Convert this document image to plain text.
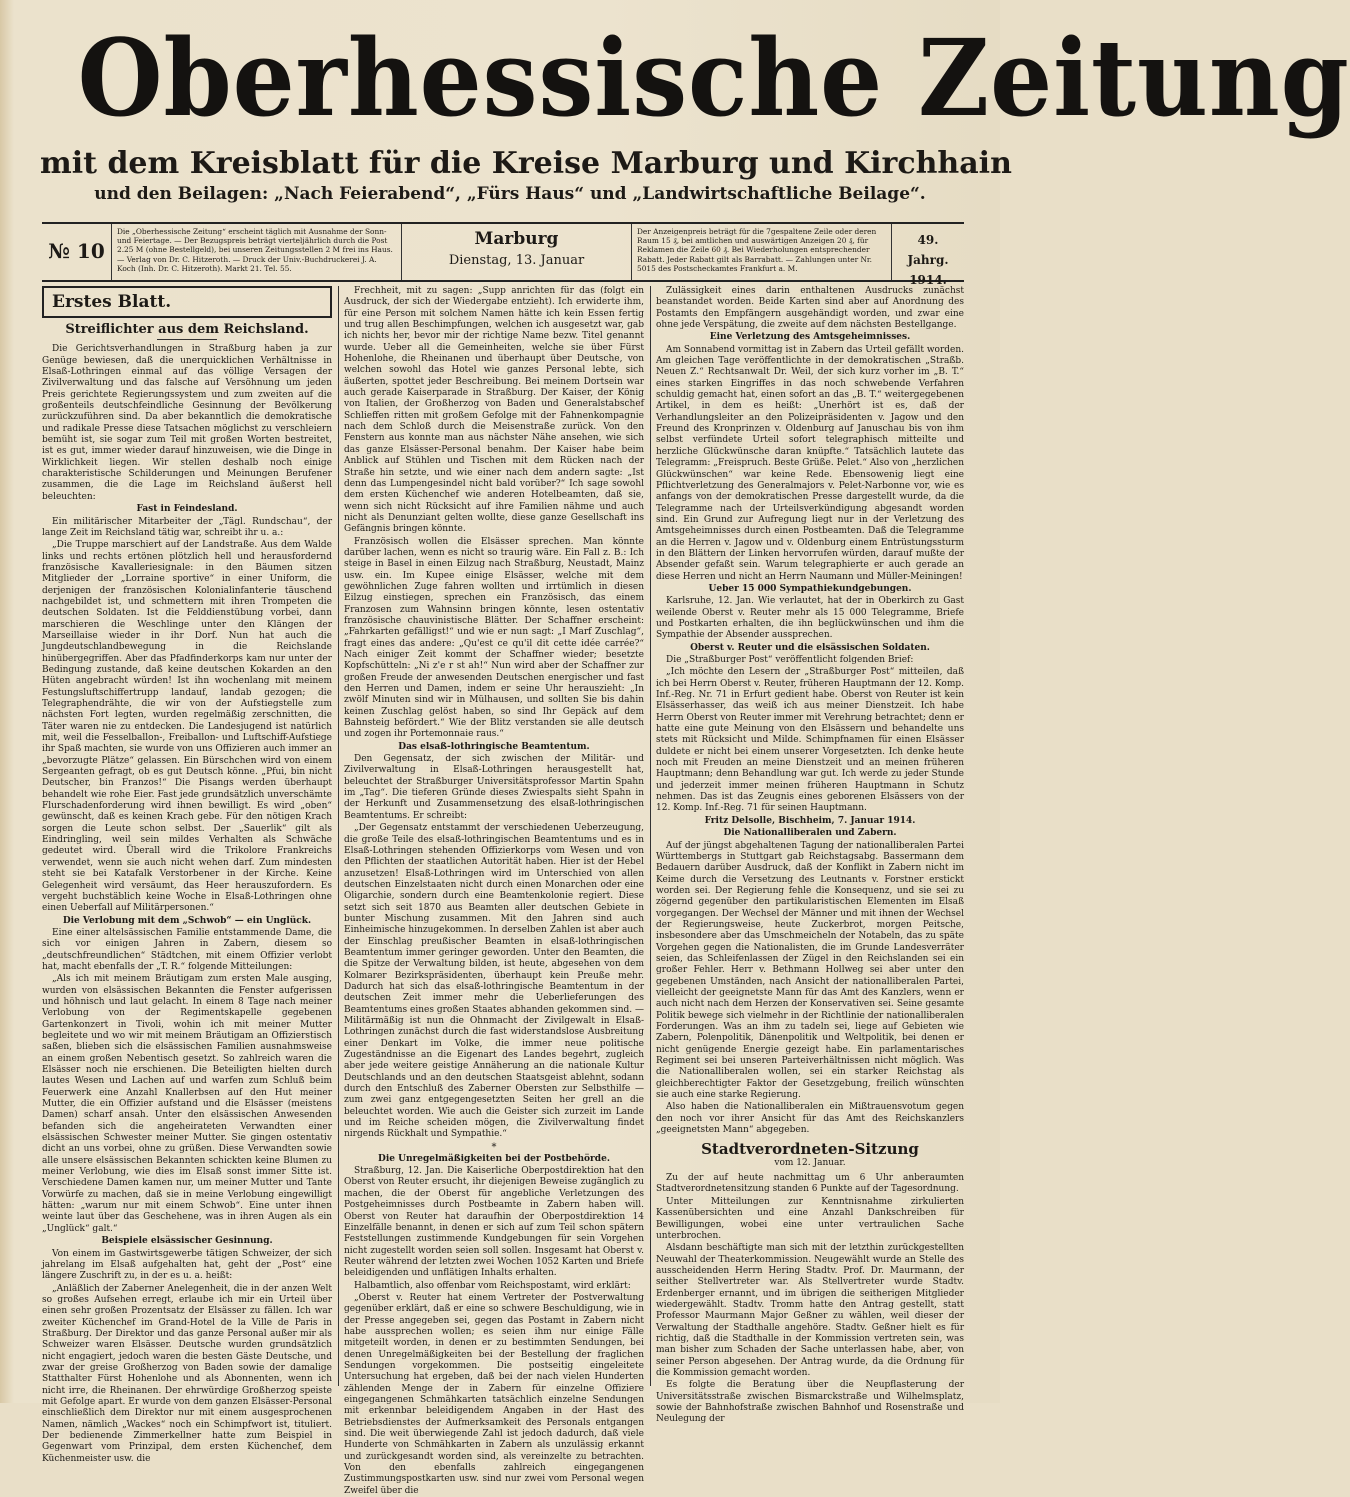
Oberhessische Zeitung
mit dem Kreisblatt für die Kreise Marburg und Kirchhain
und den Beilagen: „Nach Feierabend“, „Fürs Haus“ und „Landwirtschaftliche Beilage“.
№ 10
Die „Oberhessische Zeitung“ erscheint täglich mit Ausnahme der Sonn- und Feiertage. — Der Bezugspreis beträgt vierteljährlich durch die Post 2.25 M (ohne Bestellgeld), bei unseren Zeitungsstellen 2 M frei ins Haus. — Verlag von Dr. C. Hitzeroth. — Druck der Univ.-Buchdruckerei J. A. Koch (Inh. Dr. C. Hitzeroth). Markt 21. Tel. 55.
Marburg
Dienstag, 13. Januar
Der Anzeigenpreis beträgt für die 7gespaltene Zeile oder deren Raum 15 ₰, bei amtlichen und auswärtigen Anzeigen 20 ₰, für Reklamen die Zeile 60 ₰. Bei Wiederholungen entsprechender Rabatt. Jeder Rabatt gilt als Barrabatt. — Zahlungen unter Nr. 5015 des Postscheckamtes Frankfurt a. M.
49. Jahrg.
1914.
Erstes Blatt.
Streiflichter aus dem Reichsland.

Die Gerichtsverhandlungen in Straßburg haben ja zur Genüge bewiesen, daß die unerquicklichen Verhältnisse in Elsaß-Lothringen einmal auf das völlige Versagen der Zivilverwaltung und das falsche auf Versöhnung um jeden Preis gerichtete Regierungssystem und zum zweiten auf die großenteils deutschfeindliche Gesinnung der Bevölkerung zurückzuführen sind. Da aber bekanntlich die demokratische und radikale Presse diese Tatsachen möglichst zu verschleiern bemüht ist, sie sogar zum Teil mit großen Worten bestreitet, ist es gut, immer wieder darauf hinzuweisen, wie die Dinge in Wirklichkeit liegen. Wir stellen deshalb noch einige charakteristische Schilderungen und Meinungen Berufener zusammen, die die Lage im Reichsland äußerst hell beleuchten:

Fast in Feindesland.

Ein militärischer Mitarbeiter der „Tägl. Rundschau“, der lange Zeit im Reichsland tätig war, schreibt ihr u. a.:

„Die Truppe marschiert auf der Landstraße. Aus dem Walde links und rechts ertönen plötzlich hell und herausfordernd französische Kavalleriesignale: in den Bäumen sitzen Mitglieder der „Lorraine sportive“ in einer Uniform, die derjenigen der französischen Kolonialinfanterie täuschend nachgebildet ist, und schmettern mit ihren Trompeten die deutschen Soldaten. Ist die Felddienstübung vorbei, dann marschieren die Weschlinge unter den Klängen der Marseillaise wieder in ihr Dorf. Nun hat auch die Jungdeutschlandbewegung in die Reichslande hinübergegriffen. Aber das Pfadfinderkorps kam nur unter der Bedingung zustande, daß keine deutschen Kokarden an den Hüten angebracht würden! Ist ihn wochenlang mit meinem Festungsluftschiffertrupp landauf, landab gezogen; die Telegraphendrähte, die wir von der Aufstiegstelle zum nächsten Fort legten, wurden regelmäßig zerschnitten, die Täter waren nie zu entdecken. Die Landesjugend ist natürlich mit, weil die Fesselballon-, Freiballon- und Luftschiff-Aufstiege ihr Spaß machten, sie wurde von uns Offizieren auch immer an „bevorzugte Plätze“ gelassen. Ein Bürschchen wird von einem Sergeanten gefragt, ob es gut Deutsch könne. „Pfui, bin nicht Deutscher, bin Franzos!“ Die Pisangs werden überhaupt behandelt wie rohe Eier. Fast jede grundsätzlich unverschämte Flurschadenforderung wird ihnen bewilligt. Es wird „oben“ gewünscht, daß es keinen Krach gebe. Für den nötigen Krach sorgen die Leute schon selbst. Der „Sauerlik“ gilt als Eindringling, weil sein mildes Verhalten als Schwäche gedeutet wird. Überall wird die Trikolore Frankreichs verwendet, wenn sie auch nicht wehen darf. Zum mindesten steht sie bei Katafalk Verstorbener in der Kirche. Keine Gelegenheit wird versäumt, das Heer herauszufordern. Es vergeht buchstäblich keine Woche in Elsaß-Lothringen ohne einen Ueberfall auf Militärpersonen.“

Die Verlobung mit dem „Schwob“ — ein Unglück.

Eine einer altelsässischen Familie entstammende Dame, die sich vor einigen Jahren in Zabern, diesem so „deutschfreundlichen“ Städtchen, mit einem Offizier verlobt hat, macht ebenfalls der „T. R.“ folgende Mitteilungen:

„Als ich mit meinem Bräutigam zum ersten Male ausging, wurden von elsässischen Bekannten die Fenster aufgerissen und höhnisch und laut gelacht. In einem 8 Tage nach meiner Verlobung von der Regimentskapelle gegebenen Gartenkonzert in Tivoli, wohin ich mit meiner Mutter begleitete und wo wir mit meinem Bräutigam an Offizierstisch saßen, blieben sich die elsässischen Familien ausnahmsweise an einem großen Nebentisch gesetzt. So zahlreich waren die Elsässer noch nie erschienen. Die Beteiligten hielten durch lautes Wesen und Lachen auf und warfen zum Schluß beim Feuerwerk eine Anzahl Knallerbsen auf den Hut meiner Mutter, die ein Offizier aufstand und die Elsässer (meistens Damen) scharf ansah. Unter den elsässischen Anwesenden befanden sich die angeheirateten Verwandten einer elsässischen Schwester meiner Mutter. Sie gingen ostentativ dicht an uns vorbei, ohne zu grüßen. Diese Verwandten sowie alle unsere elsässischen Bekannten schickten keine Blumen zu meiner Verlobung, wie dies im Elsaß sonst immer Sitte ist. Verschiedene Damen kamen nur, um meiner Mutter und Tante Vorwürfe zu machen, daß sie in meine Verlobung eingewilligt hätten: „warum nur mit einem Schwob“. Eine unter ihnen weinte laut über das Geschehene, was in ihren Augen als ein „Unglück“ galt.“

Beispiele elsässischer Gesinnung.

Von einem im Gastwirtsgewerbe tätigen Schweizer, der sich jahrelang im Elsaß aufgehalten hat, geht der „Post“ eine längere Zuschrift zu, in der es u. a. heißt:

„Anläßlich der Zaberner Anelegenheit, die in der anzen Welt so großes Aufsehen erregt, erlaube ich mir ein Urteil über einen sehr großen Prozentsatz der Elsässer zu fällen. Ich war zweiter Küchenchef im Grand-Hotel de la Ville de Paris in Straßburg. Der Direktor und das ganze Personal außer mir als Schweizer waren Elsässer. Deutsche wurden grundsätzlich nicht engagiert, jedoch waren die besten Gäste Deutsche, und zwar der greise Großherzog von Baden sowie der damalige Statthalter Fürst Hohenlohe und als Abonnenten, wenn ich nicht irre, die Rheinanen. Der ehrwürdige Großherzog speiste mit Gefolge apart. Er wurde von dem ganzen Elsässer-Personal einschließlich dem Direktor nur mit einem ausgesprochenen Namen, nämlich „Wackes“ noch ein Schimpfwort ist, tituliert. Der bedienende Zimmerkellner hatte zum Beispiel in Gegenwart vom Prinzipal, dem ersten Küchenchef, dem Küchenmeister usw. die

Frechheit, mit zu sagen: „Supp anrichten für das (folgt ein Ausdruck, der sich der Wiedergabe entzieht). Ich erwiderte ihm, für eine Person mit solchem Namen hätte ich kein Essen fertig und trug allen Beschimpfungen, welchen ich ausgesetzt war, gab ich nichts her, bevor mir der richtige Name bezw. Titel genannt wurde. Ueber all die Gemeinheiten, welche sie über Fürst Hohenlohe, die Rheinanen und überhaupt über Deutsche, von welchen sowohl das Hotel wie ganzes Personal lebte, sich äußerten, spottet jeder Beschreibung. Bei meinem Dortsein war auch gerade Kaiserparade in Straßburg. Der Kaiser, der König von Italien, der Großherzog von Baden und Generalstabschef Schlieffen ritten mit großem Gefolge mit der Fahnenkompagnie nach dem Schloß durch die Meisenstraße zurück. Von den Fenstern aus konnte man aus nächster Nähe ansehen, wie sich das ganze Elsässer-Personal benahm. Der Kaiser habe beim Anblick auf Stühlen und Tischen mit dem Rücken nach der Straße hin setzte, und wie einer nach dem andern sagte: „Ist denn das Lumpengesindel nicht bald vorüber?“ Ich sage sowohl dem ersten Küchenchef wie anderen Hotelbeamten, daß sie, wenn sich nicht Rücksicht auf ihre Familien nähme und auch nicht als Denunziant gelten wollte, diese ganze Gesellschaft ins Gefängnis bringen könnte.

Französisch wollen die Elsässer sprechen. Man könnte darüber lachen, wenn es nicht so traurig wäre. Ein Fall z. B.: Ich steige in Basel in einen Eilzug nach Straßburg, Neustadt, Mainz usw. ein. Im Kupee einige Elsässer, welche mit dem gewöhnlichen Zuge fahren wollten und irrtümlich in diesen Eilzug einstiegen, sprechen ein Französisch, das einem Franzosen zum Wahnsinn bringen könnte, lesen ostentativ französische chauvinistische Blätter. Der Schaffner erscheint: „Fahrkarten gefälligst!“ und wie er nun sagt: „I Marf Zuschlag“, fragt eines das andere: „Qu'est ce qu'il dit cette idée carrée?“ Nach einiger Zeit kommt der Schaffner wieder; besetzte Kopfschütteln: „Ni z'e r st ah!“ Nun wird aber der Schaffner zur großen Freude der anwesenden Deutschen energischer und fast den Herren und Damen, indem er seine Uhr herauszieht: „In zwölf Minuten sind wir in Mülhausen, und sollten Sie bis dahin keinen Zuschlag gelöst haben, so sind Ihr Gepäck auf dem Bahnsteig befördert.“ Wie der Blitz verstanden sie alle deutsch und zogen ihr Portemonnaie raus.“

Das elsaß-lothringische Beamtentum.

Den Gegensatz, der sich zwischen der Militär- und Zivilverwaltung in Elsaß-Lothringen herausgestellt hat, beleuchtet der Straßburger Universitätsprofessor Martin Spahn im „Tag“. Die tieferen Gründe dieses Zwiespalts sieht Spahn in der Herkunft und Zusammensetzung des elsaß-lothringischen Beamtentums. Er schreibt:

„Der Gegensatz entstammt der verschiedenen Ueberzeugung, die große Teile des elsaß-lothringischen Beamtentums und es in Elsaß-Lothringen stehenden Offizierkorps vom Wesen und von den Pflichten der staatlichen Autorität haben. Hier ist der Hebel anzusetzen! Elsaß-Lothringen wird im Unterschied von allen deutschen Einzelstaaten nicht durch einen Monarchen oder eine Oligarchie, sondern durch eine Beamtenkolonie regiert. Diese setzt sich seit 1870 aus Beamten aller deutschen Gebiete in bunter Mischung zusammen. Mit den Jahren sind auch Einheimische hinzugekommen. In derselben Zahlen ist aber auch der Einschlag preußischer Beamten in elsaß-lothringischen Beamtentum immer geringer geworden. Unter den Beamten, die die Spitze der Verwaltung bilden, ist heute, abgesehen von dem Kolmarer Bezirkspräsidenten, überhaupt kein Preuße mehr. Dadurch hat sich das elsaß-lothringische Beamtentum in der deutschen Zeit immer mehr die Ueberlieferungen des Beamtentums eines großen Staates abhanden gekommen sind. — Militärmäßig ist nun die Ohnmacht der Zivilgewalt in Elsaß-Lothringen zunächst durch die fast widerstandslose Ausbreitung einer Denkart im Volke, die immer neue politische Zugeständnisse an die Eigenart des Landes begehrt, zugleich aber jede weitere geistige Annäherung an die nationale Kultur Deutschlands und an den deutschen Staatsgeist ablehnt, sodann durch den Entschluß des Zaberner Obersten zur Selbsthilfe — zum zwei ganz entgegengesetzten Seiten her grell an die beleuchtet worden. Wie auch die Geister sich zurzeit im Lande und im Reiche scheiden mögen, die Zivilverwaltung findet nirgends Rückhalt und Sympathie.“

*

Die Unregelmäßigkeiten bei der Postbehörde.

Straßburg, 12. Jan. Die Kaiserliche Oberpostdirektion hat den Oberst von Reuter ersucht, ihr diejenigen Beweise zugänglich zu machen, die der Oberst für angebliche Verletzungen des Postgeheimnisses durch Postbeamte in Zabern haben will. Oberst von Reuter hat daraufhin der Oberpostdirektion 14 Einzelfälle benannt, in denen er sich auf zum Teil schon spätern Feststellungen zustimmende Kundgebungen für sein Vorgehen nicht zugestellt worden seien soll sollen. Insgesamt hat Oberst v. Reuter während der letzten zwei Wochen 1052 Karten und Briefe beleidigenden und unflätigen Inhalts erhalten.

Halbamtlich, also offenbar vom Reichspostamt, wird erklärt:

„Oberst v. Reuter hat einem Vertreter der Postverwaltung gegenüber erklärt, daß er eine so schwere Beschuldigung, wie in der Presse angegeben sei, gegen das Postamt in Zabern nicht habe aussprechen wollen; es seien ihm nur einige Fälle mitgeteilt worden, in denen er zu bestimmten Sendungen, bei denen Unregelmäßigkeiten bei der Bestellung der fraglichen Sendungen vorgekommen. Die postseitig eingeleitete Untersuchung hat ergeben, daß bei der nach vielen Hunderten zählenden Menge der in Zabern für einzelne Offiziere eingegangenen Schmähkarten tatsächlich einzelne Sendungen mit erkennbar beleidigendem Angaben in der Hast des Betriebsdienstes der Aufmerksamkeit des Personals entgangen sind. Die weit überwiegende Zahl ist jedoch dadurch, daß viele Hunderte von Schmähkarten in Zabern als unzulässig erkannt und zurückgesandt worden sind, als vereinzelte zu betrachten. Von den ebenfalls zahlreich eingegangenen Zustimmungspostkarten usw. sind nur zwei vom Personal wegen Zweifel über die

Zulässigkeit eines darin enthaltenen Ausdrucks zunächst beanstandet worden. Beide Karten sind aber auf Anordnung des Postamts den Empfängern ausgehändigt worden, und zwar eine ohne jede Verspätung, die zweite auf dem nächsten Bestellgange.

Eine Verletzung des Amtsgeheimnisses.

Am Sonnabend vormittag ist in Zabern das Urteil gefällt worden. Am gleichen Tage veröffentlichte in der demokratischen „Straßb. Neuen Z.“ Rechtsanwalt Dr. Weil, der sich kurz vorher im „B. T.“ eines starken Eingriffes in das noch schwebende Verfahren schuldig gemacht hat, einen sofort an das „B. T.“ weitergegebenen Artikel, in dem es heißt: „Unerhört ist es, daß der Verhandlungsleiter an den Polizeipräsidenten v. Jagow und den Freund des Kronprinzen v. Oldenburg auf Januschau bis von ihm selbst verfündete Urteil sofort telegraphisch mitteilte und herzliche Glückwünsche daran knüpfte.“ Tatsächlich lautete das Telegramm: „Freispruch. Beste Grüße. Pelet.“ Also von „herzlichen Glückwünschen“ war keine Rede. Ebensowenig liegt eine Pflichtverletzung des Generalmajors v. Pelet-Narbonne vor, wie es anfangs von der demokratischen Presse dargestellt wurde, da die Telegramme nach der Urteilsverkündigung abgesandt worden sind. Ein Grund zur Aufregung liegt nur in der Verletzung des Amtsgeheimnisses durch einen Postbeamten. Daß die Telegramme an die Herren v. Jagow und v. Oldenburg einem Entrüstungssturm in den Blättern der Linken hervorrufen würden, darauf mußte der Absender gefaßt sein. Warum telegraphierte er auch gerade an diese Herren und nicht an Herrn Naumann und Müller-Meiningen!

Ueber 15 000 Sympathiekundgebungen.

Karlsruhe, 12. Jan. Wie verlautet, hat der in Oberkirch zu Gast weilende Oberst v. Reuter mehr als 15 000 Telegramme, Briefe und Postkarten erhalten, die ihn beglückwünschen und ihm die Sympathie der Absender aussprechen.

Oberst v. Reuter und die elsässischen Soldaten.

Die „Straßburger Post“ veröffentlicht folgenden Brief:

„Ich möchte den Lesern der „Straßburger Post“ mitteilen, daß ich bei Herrn Oberst v. Reuter, früheren Hauptmann der 12. Komp. Inf.-Reg. Nr. 71 in Erfurt gedient habe. Oberst von Reuter ist kein Elsässerhasser, das weiß ich aus meiner Dienstzeit. Ich habe Herrn Oberst von Reuter immer mit Verehrung betrachtet; denn er hatte eine gute Meinung von den Elsässern und behandelte uns stets mit Rücksicht und Milde. Schimpfnamen für einen Elsässer duldete er nicht bei einem unserer Vorgesetzten. Ich denke heute noch mit Freuden an meine Dienstzeit und an meinen früheren Hauptmann; denn Behandlung war gut. Ich werde zu jeder Stunde und jederzeit immer meinen früheren Hauptmann in Schutz nehmen. Das ist das Zeugnis eines geborenen Elsässers von der 12. Komp. Inf.-Reg. 71 für seinen Hauptmann.

Fritz Delsolle, Bischheim, 7. Januar 1914.

Die Nationalliberalen und Zabern.

Auf der jüngst abgehaltenen Tagung der nationalliberalen Partei Württembergs in Stuttgart gab Reichstagsabg. Bassermann dem Bedauern darüber Ausdruck, daß der Konflikt in Zabern nicht im Keime durch die Versetzung des Leutnants v. Forstner erstickt worden sei. Der Regierung fehle die Konsequenz, und sie sei zu zögernd gegenüber den partikularistischen Elementen im Elsaß vorgegangen. Der Wechsel der Männer und mit ihnen der Wechsel der Regierungsweise, heute Zuckerbrot, morgen Peitsche, insbesondere aber das Umschmeicheln der Notabeln, das zu späte Vorgehen gegen die Nationalisten, die im Grunde Landesverräter seien, das Schleifenlassen der Zügel in den Reichslanden sei ein großer Fehler. Herr v. Bethmann Hollweg sei aber unter den gegebenen Umständen, nach Ansicht der nationalliberalen Partei, vielleicht der geeignetste Mann für das Amt des Kanzlers, wenn er auch nicht nach dem Herzen der Konservativen sei. Seine gesamte Politik bewege sich vielmehr in der Richtlinie der nationalliberalen Forderungen. Was an ihm zu tadeln sei, liege auf Gebieten wie Zabern, Polenpolitik, Dänenpolitik und Weltpolitik, bei denen er nicht genügende Energie gezeigt habe. Ein parlamentarisches Regiment sei bei unseren Parteiverhältnissen nicht möglich. Was die Nationalliberalen wollen, sei ein starker Reichstag als gleichberechtigter Faktor der Gesetzgebung, freilich wünschten sie auch eine starke Regierung.

Also haben die Nationalliberalen ein Mißtrauensvotum gegen den noch vor ihrer Ansicht für das Amt des Reichskanzlers „geeignetsten Mann“ abgegeben.

Stadtverordneten-Sitzung
vom 12. Januar.

Zu der auf heute nachmittag um 6 Uhr anberaumten Stadtverordnetensitzung standen 6 Punkte auf der Tagesordnung.

Unter Mitteilungen zur Kenntnisnahme zirkulierten Kassenübersichten und eine Anzahl Dankschreiben für Bewilligungen, wobei eine unter vertraulichen Sache unterbrochen.

Alsdann beschäftigte man sich mit der letzthin zurückgestellten Neuwahl der Theaterkommission. Neugewählt wurde an Stelle des ausscheidenden Herrn Hering Stadtv. Prof. Dr. Maurmann, der seither Stellvertreter war. Als Stellvertreter wurde Stadtv. Erdenberger ernannt, und im übrigen die seitherigen Mitglieder wiedergewählt. Stadtv. Tromm hatte den Antrag gestellt, statt Professor Maurmann Major Geßner zu wählen, weil dieser der Verwaltung der Stadthalle angehöre. Stadtv. Geßner hielt es für richtig, daß die Stadthalle in der Kommission vertreten sein, was man bisher zum Schaden der Sache unterlassen habe, aber, von seiner Person abgesehen. Der Antrag wurde, da die Ordnung für die Kommission gemacht worden.

Es folgte die Beratung über die Neupflasterung der Universitätsstraße zwischen Bismarckstraße und Wilhelmsplatz, sowie der Bahnhofstraße zwischen Bahnhof und Rosenstraße und Neulegung der
